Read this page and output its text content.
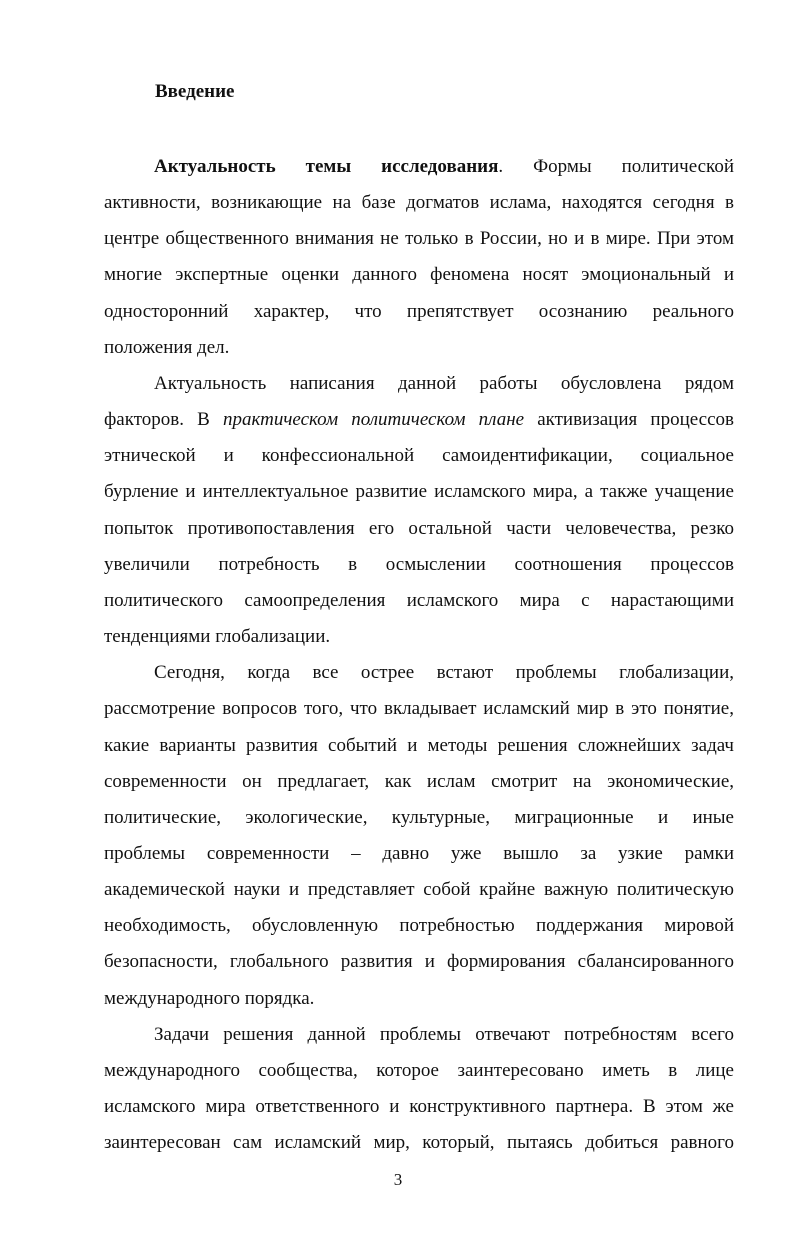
Введение
Актуальность темы исследования. Формы политической
активности, возникающие на базе догматов ислама, находятся сегодня в
центре общественного внимания не только в России, но и в мире. При этом
многие экспертные оценки данного феномена носят эмоциональный и
односторонний характер, что препятствует осознанию реального
положения дел.
Актуальность написания данной работы обусловлена рядом
факторов. В практическом политическом плане активизация процессов
этнической и конфессиональной самоидентификации, социальное
бурление и интеллектуальное развитие исламского мира, а также учащение
попыток противопоставления его остальной части человечества, резко
увеличили потребность в осмыслении соотношения процессов
политического самоопределения исламского мира с нарастающими
тенденциями глобализации.
Сегодня, когда все острее встают проблемы глобализации,
рассмотрение вопросов того, что вкладывает исламский мир в это понятие,
какие варианты развития событий и методы решения сложнейших задач
современности он предлагает, как ислам смотрит на экономические,
политические, экологические, культурные, миграционные и иные
проблемы современности – давно уже вышло за узкие рамки
академической науки и представляет собой крайне важную политическую
необходимость, обусловленную потребностью поддержания мировой
безопасности, глобального развития и формирования сбалансированного
международного порядка.
Задачи решения данной проблемы отвечают потребностям всего
международного сообщества, которое заинтересовано иметь в лице
исламского мира ответственного и конструктивного партнера. В этом же
заинтересован сам исламский мир, который, пытаясь добиться равного
3
